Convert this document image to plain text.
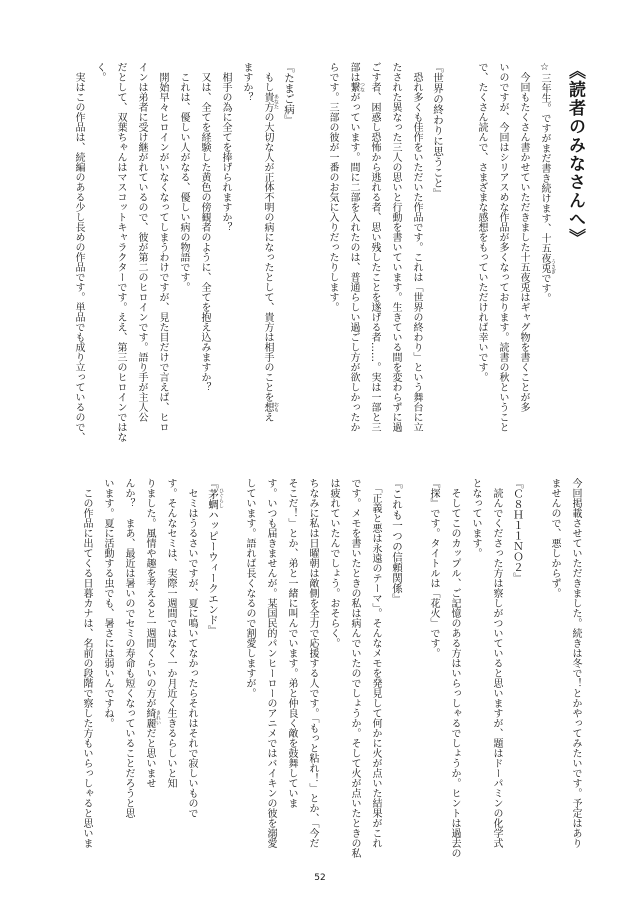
《読者のみなさんへ》
☆三年生。ですがまだ書き続けます、十五夜兎です。
　今回もたくさん書かせていただきました十五夜兎はギャグ物を書くことが多
いのですが、今回はシリアスめな作品が多くなっております。読書の秋ということ
で、たくさん読んで、さまざまな感想をもっていただければ幸いです。
『世界の終わりに思うこと』
　恐れ多くも佳作をいただいた作品です。これは「世界の終わり」という舞台に立
たされた異なった三人の思いと行動を書いています。生きている間を変わらずに過
ごす者、困惑し恐怖から逃れる者、思い残したことを遂げる者……。実は一部と三
部は繋がっています。間に二部を入れたのは、普通らしい過ごし方が欲しかったか
らです。三部の彼が一番のお気に入りだったりします。
『たまご病』
　もし貴方の大切な人が正体不明の病になったとして、貴方は相手のことを想え
ますか？
　相手の為に全てを捧げられますか？
　又は、全てを経験した黄色の傍観者のように、全てを抱え込みますか？
　これは、優しい人がなる、優しい病の物語です。
　開始早々ヒロインがいなくなってしまうわけですが、見た目だけで言えば、ヒロ
インは弟者に受け継がれているので、彼が第二のヒロインです。語り手が主人公
だとして、双葉ちゃんはマスコットキャラクターです。ええ、第三のヒロインではな
く。
　実はこの作品は、続編のある少し長めの作品です。単品でも成り立っているので、
今回掲載させていただきました。続きは冬で！とかやってみたいです。予定はあり
ませんので、悪しからず。
『Ｃ８Ｈ１１ＮＯ２』
　読んでくださった方は察しがついていると思いますが、題はドーパミンの化学式
となっています。
　そしてこのカップル、ご記憶のある方はいらっしゃるでしょうか。ヒントは過去の
『探』です。タイトルは「花火」です。
『これも一つの信頼関係』
　「正義と悪は永遠のテーマ」。そんなメモを発見して何かに火が点いた結果がこれ
です。メモを書いたときの私は病んでいたのでしょうか。そして火が点いたときの私
は疲れていたんでしょう。おそらく。
ちなみに私は日曜朝は敵側を全力で応援する人です。「もっと粘れ！」とか、「今だ
そこだ！」とか、弟と一緒に叫んでいます。弟と仲良く敵を鼓舞していま
す。いつも届きませんが。某国民的パンヒーローのアニメではバイキンの彼を溺愛
しています。語れば長くなるので割愛しますが。
『茅蜩ハッピーウィークエンド』
　セミはうるさいですが、夏に鳴いてなかったらそれはそれで寂しいもので
す。そんなセミは、実際一週間ではなく一か月近く生きるらしいと知
りました。風情や趣を考えると一週間くらいの方が綺麗だと思いませ
んか？　まあ、最近は暑いのでセミの寿命も短くなっていることだろうと思
います。夏に活動する虫でも、暑さには弱いんですね。
　この作品に出てくる日暮カナは、名前の段階で察した方もいらっしゃると思いま
うさぎ
あなた
おも
つな
ひぐらし
きれい
52
